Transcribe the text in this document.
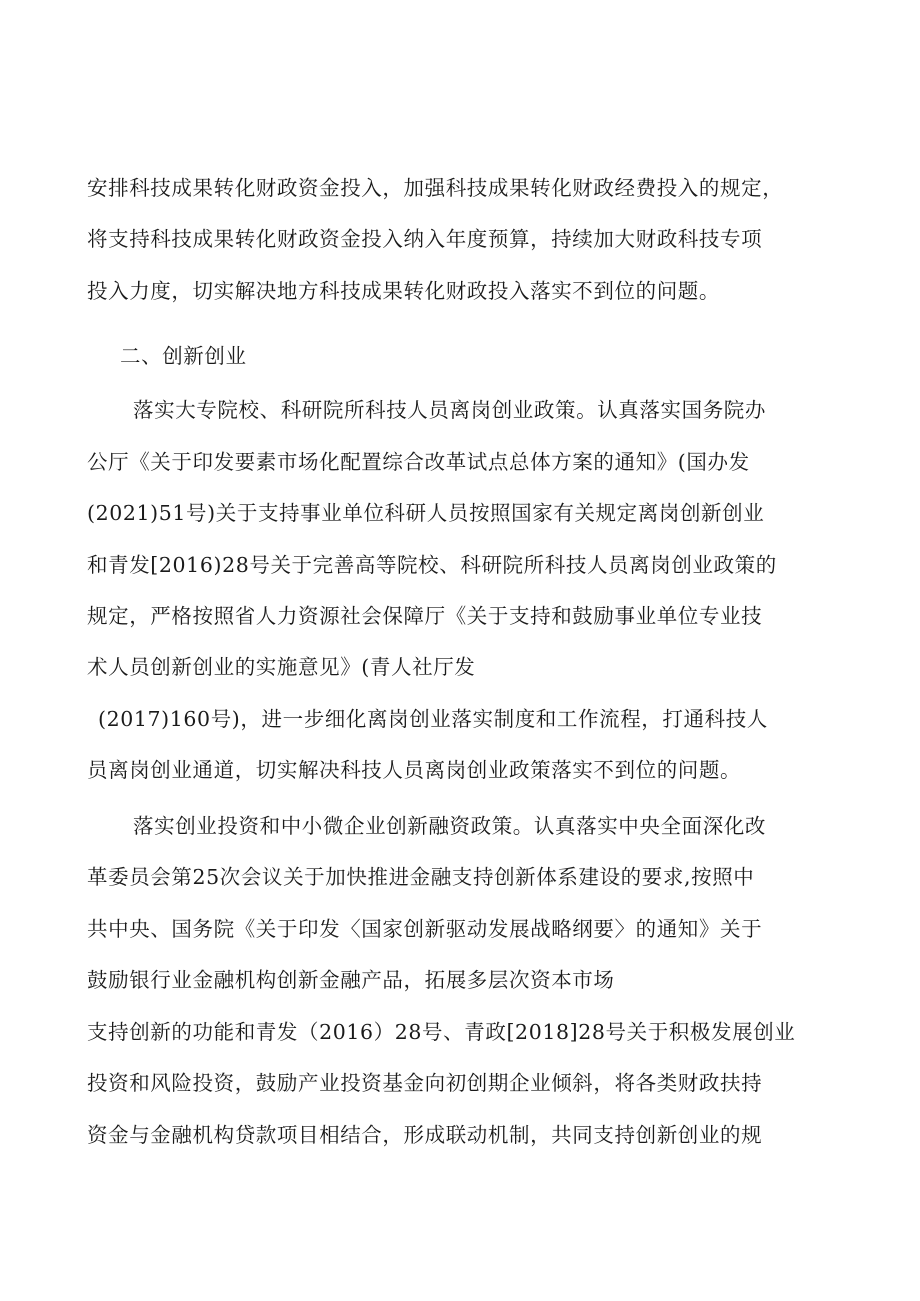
安排科技成果转化财政资金投入，加强科技成果转化财政经费投入的规定，
将支持科技成果转化财政资金投入纳入年度预算，持续加大财政科技专项
投入力度，切实解决地方科技成果转化财政投入落实不到位的问题。
二、创新创业
落实大专院校、科研院所科技人员离岗创业政策。认真落实国务院办
公厅《关于印发要素市场化配置综合改革试点总体方案的通知》(国办发
(2021)51号)关于支持事业单位科研人员按照国家有关规定离岗创新创业
和青发[2016)28号关于完善高等院校、科研院所科技人员离岗创业政策的
规定，严格按照省人力资源社会保障厅《关于支持和鼓励事业单位专业技
术人员创新创业的实施意见》(青人社厅发
(2017)160号)，进一步细化离岗创业落实制度和工作流程，打通科技人
员离岗创业通道，切实解决科技人员离岗创业政策落实不到位的问题。
落实创业投资和中小微企业创新融资政策。认真落实中央全面深化改
革委员会第25次会议关于加快推进金融支持创新体系建设的要求,按照中
共中央、国务院《关于印发〈国家创新驱动发展战略纲要〉的通知》关于
鼓励银行业金融机构创新金融产品，拓展多层次资本市场
支持创新的功能和青发（2016）28号、青政[2018]28号关于积极发展创业
投资和风险投资，鼓励产业投资基金向初创期企业倾斜，将各类财政扶持
资金与金融机构贷款项目相结合，形成联动机制，共同支持创新创业的规
